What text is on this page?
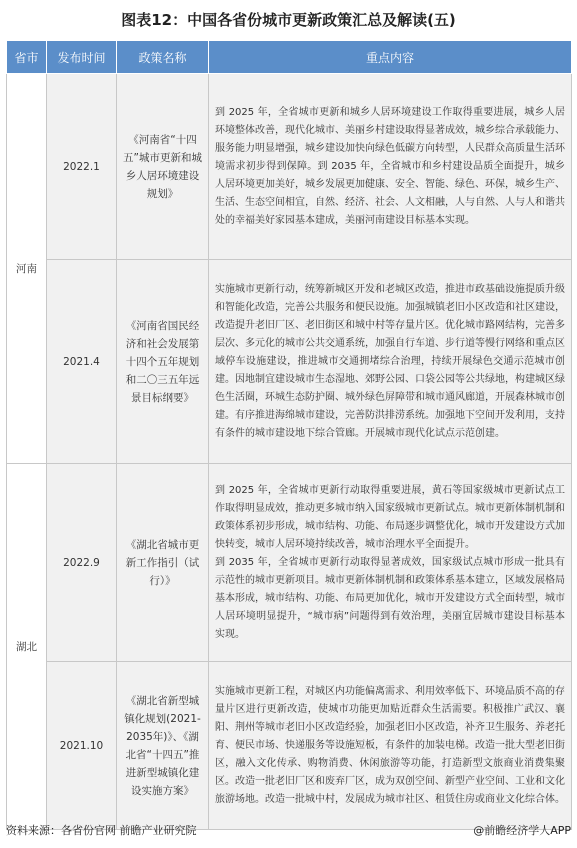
图表12：中国各省份城市更新政策汇总及解读(五)
省市	发布时间	政策名称	重点内容
河南	2022.1	《河南省“十四五”城市更新和城乡人居环境建设规划》	到 2025 年，全省城市更新和城乡人居环境建设工作取得重要进展，城乡人居环境整体改善，现代化城市、美丽乡村建设取得显著成效，城乡综合承载能力、服务能力明显增强，城乡建设加快向绿色低碳方向转型，人民群众高质量生活环境需求初步得到保障。到 2035 年，全省城市和乡村建设品质全面提升，城乡人居环境更加美好，城乡发展更加健康、安全、智能、绿色、环保，城乡生产、生活、生态空间相宜，自然、经济、社会、人文相融，人与自然、人与人和谐共处的幸福美好家园基本建成，美丽河南建设目标基本实现。
	2021.4	《河南省国民经济和社会发展第十四个五年规划和二〇三五年远景目标纲要》	实施城市更新行动，统筹新城区开发和老城区改造，推进市政基础设施提质升级和智能化改造，完善公共服务和便民设施。加强城镇老旧小区改造和社区建设，改造提升老旧厂区、老旧街区和城中村等存量片区。优化城市路网结构，完善多层次、多元化的城市公共交通系统，加强自行车道、步行道等慢行网络和重点区域停车设施建设，推进城市交通拥堵综合治理，持续开展绿色交通示范城市创建。因地制宜建设城市生态湿地、郊野公园、口袋公园等公共绿地，构建城区绿色生活圈，环城生态防护圈、城外绿色屏障带和城市通风廊道，开展森林城市创建。有序推进海绵城市建设，完善防洪排涝系统。加强地下空间开发利用，支持有条件的城市建设地下综合管廊。开展城市现代化试点示范创建。
湖北	2022.9	《湖北省城市更新工作指引（试行）》	到 2025 年，全省城市更新行动取得重要进展，黄石等国家级城市更新试点工作取得明显成效，推动更多城市纳入国家级城市更新试点。城市更新体制机制和政策体系初步形成，城市结构、功能、布局逐步调整优化，城市开发建设方式加快转变，城市人居环境持续改善，城市治理水平全面提升。
到 2035 年，全省城市更新行动取得显著成效，国家级试点城市形成一批具有示范性的城市更新项目。城市更新体制机制和政策体系基本建立，区域发展格局基本形成，城市结构、功能、布局更加优化，城市开发建设方式全面转型，城市人居环境明显提升，“城市病”问题得到有效治理，美丽宜居城市建设目标基本实现。
	2021.10	《湖北省新型城镇化规划(2021-2035年)》、《湖北省“十四五”推进新型城镇化建设实施方案》	实施城市更新工程，对城区内功能偏离需求、利用效率低下、环境品质不高的存量片区进行更新改造，使城市功能更加贴近群众生活需要。积极推广武汉、襄阳、荆州等城市老旧小区改造经验，加强老旧小区改造，补齐卫生服务、养老托育、便民市场、快递服务等设施短板，有条件的加装电梯。改造一批大型老旧街区，融入文化传承、购物消费、休闲旅游等功能，打造新型文旅商业消费集聚区。改造一批老旧厂区和废弃厂区，成为双创空间、新型产业空间、工业和文化旅游场地。改造一批城中村，发展成为城市社区、租赁住房或商业文化综合体。
资料来源：各省份官网 前瞻产业研究院	@前瞻经济学人APP
